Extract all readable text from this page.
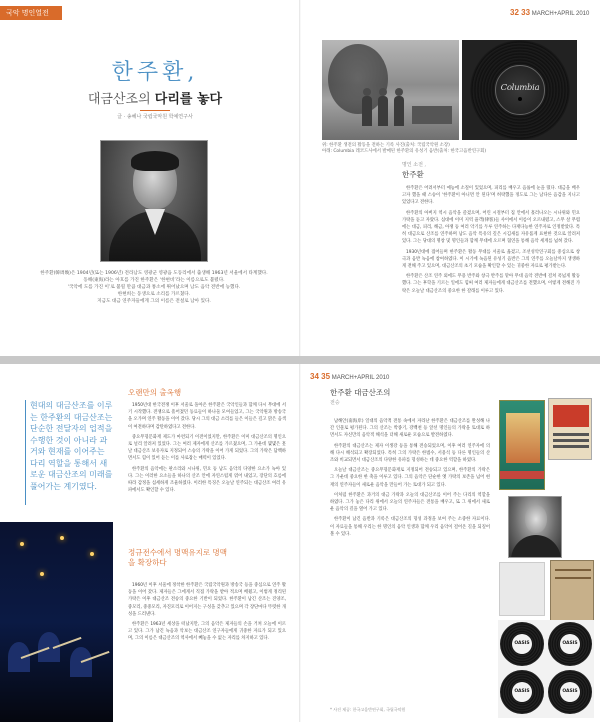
국악 명인열전	32 33 MARCH+APRIL 2010
한주환,
대금산조의 다리를 놓다
글 · 송혜나 국립국악원 학예연구사
한주환(韓周煥)은 1904년(또는 1906년) 전라남도 영광군 영광읍 도동리에서 출생해 1963년 서울에서 타계했다.
동해(東海)라는 아호를 가진 한주환은 ‘한현비’라는 이름으로도 불렸다.
‘국악에 도를 가진 이’로 불릴 만큼 대금과 퉁소에 뛰어났으며 남도 음악 전반에 능했다.
한현희는 동생으로 소리를 가르쳤다.
지금도 대금 연주자들에게 그의 이름은 전설로 남아 있다.
Columbia
위: 한주환 생전의 활동을 전하는 기록 사진(출처: 국립국악원 소장)
아래: Columbia 레코드사에서 발매된 한주환의 유성기 음반(출처: 한국고음반연구회)
명인 소전 ,
한주환

한주환은 어려서부터 예능에 소질이 있었으며, 피리를 배우고 음률에 눈을 떴다. 대금을 배우고자 했을 때 스승이 ‘한주환이 아니면 안 된다’며 허락했을 정도로 그는 남다른 음감을 지니고 있었다고 전한다.

한주환의 아버지 역시 음악을 즐겼으며, 어린 시절부터 집 안에서 흘러나오는 시나위와 민요 가락을 듣고 자랐다. 십대에 이미 지역 율객(律客)들 사이에서 이름이 오르내렸고, 스무 살 무렵에는 대금, 피리, 해금, 아쟁 등 여러 악기를 두루 연주하는 다재다능한 연주자로 인정받았다. 특히 대금으로 산조를 연주하며 남도 음악 특유의 깊은 시김새를 자유롭게 표현한 것으로 알려져 있다. 그는 당대의 명창 및 명인들과 함께 무대에 오르며 협연을 통해 음악 세계를 넓혀 갔다.

1930년대에 접어들며 한주환은 활동 무대를 서울로 옮겼고, 조선성악연구회를 중심으로 창극과 음반 녹음에 참여하였다. 이 시기에 녹음된 유성기 음반은 그의 연주를 오늘날까지 생생하게 전해 주고 있으며, 대금산조의 초기 모습을 확인할 수 있는 귀중한 자료로 평가받는다.

한주환은 산조 연주 외에도 무용 반주와 창극 반주를 맡아 무대 음악 전반에 걸쳐 폭넓게 활동했다. 그는 후학을 기르는 일에도 힘써 여러 제자들에게 대금산조를 전했으며, 이렇게 전해진 가락은 오늘날 대금산조의 중요한 한 갈래를 이루고 있다.

34 35 MARCH+APRIL 2010
현대의 대금산조를 이루는 한주환의 대금산조는 단순한 전달자의 업적을 수행한 것이 아니라 과거와 현재를 이어주는 다리 역할을 통해서 새로운 대금산조의 미래를 풀어가는 계기였다.
오랜만의 출옥행

1950년대 한국전쟁 이후 서울로 돌아온 한주환은 국악인들과 함께 다시 무대에 서기 시작했다. 전쟁으로 흩어졌던 동료들이 하나둘 모여들었고, 그는 국악원과 방송국을 오가며 연주 활동을 이어 갔다. 당시 그의 대금 소리를 들은 이들은 깊고 맑은 음색이 여전하다며 감탄하였다고 전한다.

중요무형문화재 제도가 마련되기 이전이었지만, 한주환은 이미 대금산조의 명인으로 널리 알려져 있었다. 그는 여러 제자에게 산조를 가르쳤으며, 그 가운데 몇몇은 훗날 대금산조 보유자로 지정되어 스승의 가락을 이어 가게 되었다. 그의 가락은 담백하면서도 힘이 있어 듣는 이를 사로잡는 매력이 있었다.

한주환의 음악에는 판소리와 시나위, 민요 등 남도 음악의 다양한 요소가 녹아 있다. 그는 이러한 요소들을 하나의 산조 안에 자연스럽게 엮어 내었고, 장단의 흐름에 따라 감정을 섬세하게 조율하였다. 이러한 특징은 오늘날 연주되는 대금산조 여러 유파에서도 확인할 수 있다.

정규전수에서 명맥유지로 명맥을 확장하다

1960년 이후 서울에 정착한 한주환은 국립국악원과 방송국 등을 중심으로 연주 활동을 이어 갔다. 제자들은 그에게서 직접 가락을 받아 적으며 배웠고, 이렇게 정리된 가락은 이후 대금산조 전승의 중요한 기반이 되었다. 한주환이 남긴 산조는 진양조, 중모리, 중중모리, 자진모리로 이어지는 구성을 갖추고 있으며 각 장단마다 뚜렷한 개성을 드러낸다.

한주환은 1963년 세상을 떠났지만, 그의 음악은 제자들의 손을 거쳐 오늘에 이르고 있다. 그가 남긴 녹음과 악보는 대금산조 연구자들에게 귀중한 자료가 되고 있으며, 그의 이름은 대금산조의 역사에서 빼놓을 수 없는 자리를 차지하고 있다.

한주환 대금산조의
전승

남해안(南海岸) 일대의 음악적 전통 속에서 자라난 한주환은 대금산조를 완성해 나간 인물로 평가된다. 그의 산조는 박종기, 강백천 등 앞선 명인들의 가락을 토대로 하면서도 자신만의 음악적 해석을 더해 새로운 모습으로 발전하였다.

한주환의 대금산조는 제자 이생강 등을 통해 전승되었으며, 이후 여러 연주자에 의해 다시 해석되고 확장되었다. 특히 그의 가락은 한범수, 서용석 등 다른 명인들의 산조와 비교되면서 대금산조의 다양한 유파를 형성하는 데 중요한 역할을 하였다.

오늘날 대금산조는 중요무형문화재로 지정되어 전승되고 있으며, 한주환의 가락은 그 가운데 중요한 한 축을 이루고 있다. 그의 음악은 단순한 옛 가락의 보존을 넘어 현재의 연주자들이 새로운 음악을 만들어 가는 토대가 되고 있다.

이처럼 한주환은 과거의 대금 가락과 오늘의 대금산조를 이어 주는 다리의 역할을 하였다. 그가 놓은 다리 위에서 오늘의 연주자들은 전통을 배우고, 또 그 위에서 새로운 음악의 길을 열어 가고 있다.

한주환이 남긴 음반과 기록은 대금산조의 형성 과정을 보여 주는 소중한 자료이다. 이 자료들을 통해 우리는 한 명인의 음악 인생과 함께 우리 음악이 걸어온 길을 되짚어 볼 수 있다.

* 사진 제공: 한국고음반연구회, 국립국악원
OASIS	OASIS
OASIS	OASIS
